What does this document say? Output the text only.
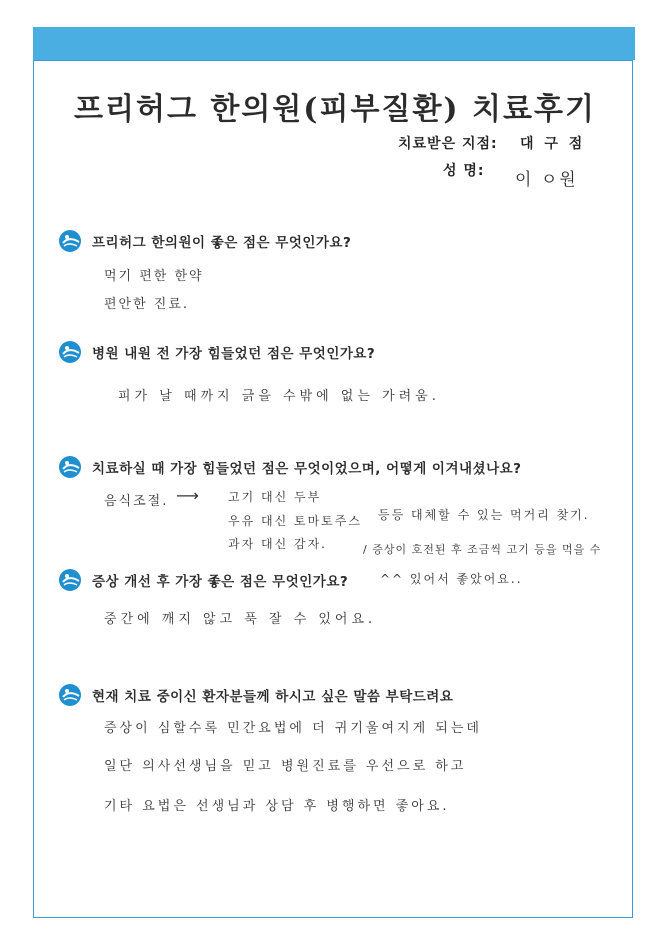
프리허그 한의원(피부질환) 치료후기
치료받은 지점: 대 구 점
성 명: 이 ㅇ원
프리허그 한의원이 좋은 점은 무엇인가요?
먹기 편한 한약
편안한 진료.
병원 내원 전 가장 힘들었던 점은 무엇인가요?
피가 날 때까지 긁을 수밖에 없는 가려움.
치료하실 때 가장 힘들었던 점은 무엇이었으며, 어떻게 이겨내셨나요?
음식조절. ⟶ 고기 대신 두부
우유 대신 토마토주스
과자 대신 감자.
등등 대체할 수 있는 먹거리 찾기.
/ 증상이 호전된 후 조금씩 고기 등을 먹을 수
증상 개선 후 가장 좋은 점은 무엇인가요?	^^ 있어서 좋았어요..
중간에 깨지 않고 푹 잘 수 있어요.
현재 치료 중이신 환자분들께 하시고 싶은 말씀 부탁드려요
증상이 심할수록 민간요법에 더 귀기울여지게 되는데
일단 의사선생님을 믿고 병원진료를 우선으로 하고
기타 요법은 선생님과 상담 후 병행하면 좋아요.
